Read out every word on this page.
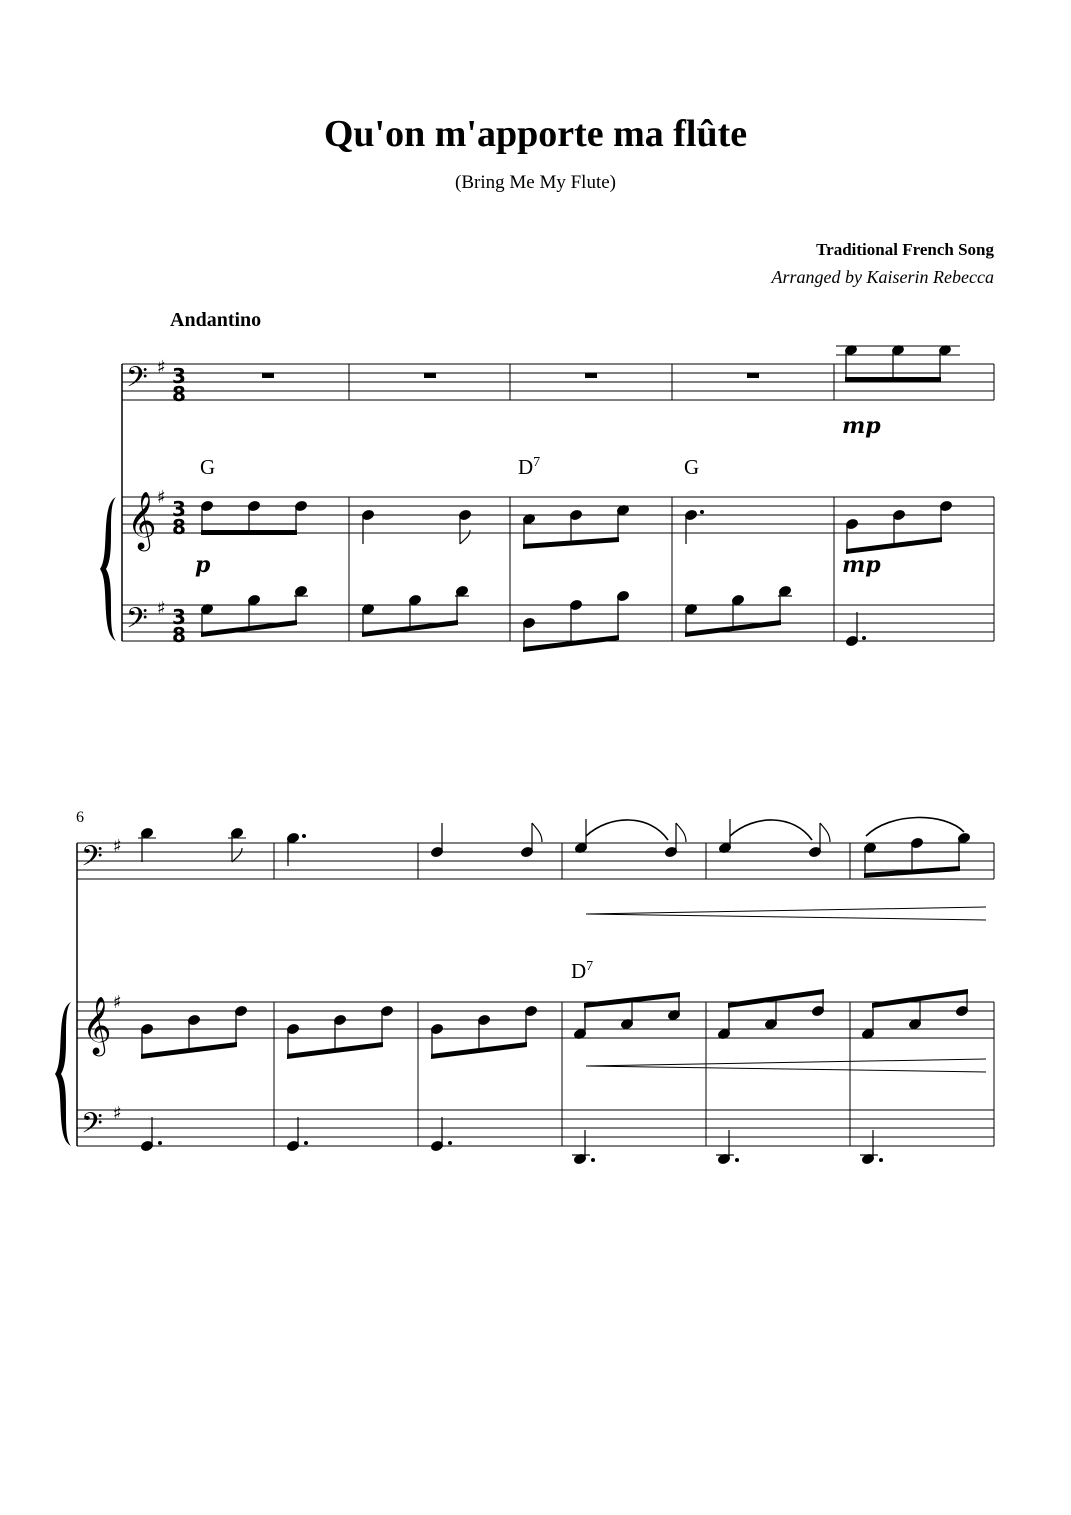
Qu'on m'apporte ma flûte
(Bring Me My Flute)
Traditional French Song
Arranged by Kaiserin Rebecca
Andantino
𝄢 ♯ 3
8
𝄞 ♯ 3
8
𝄢 ♯ 3
8
6
𝄢 ♯
𝄞 ♯
𝄢 ♯
G	$D^7$	G
$D^7$
mp
p	mp
